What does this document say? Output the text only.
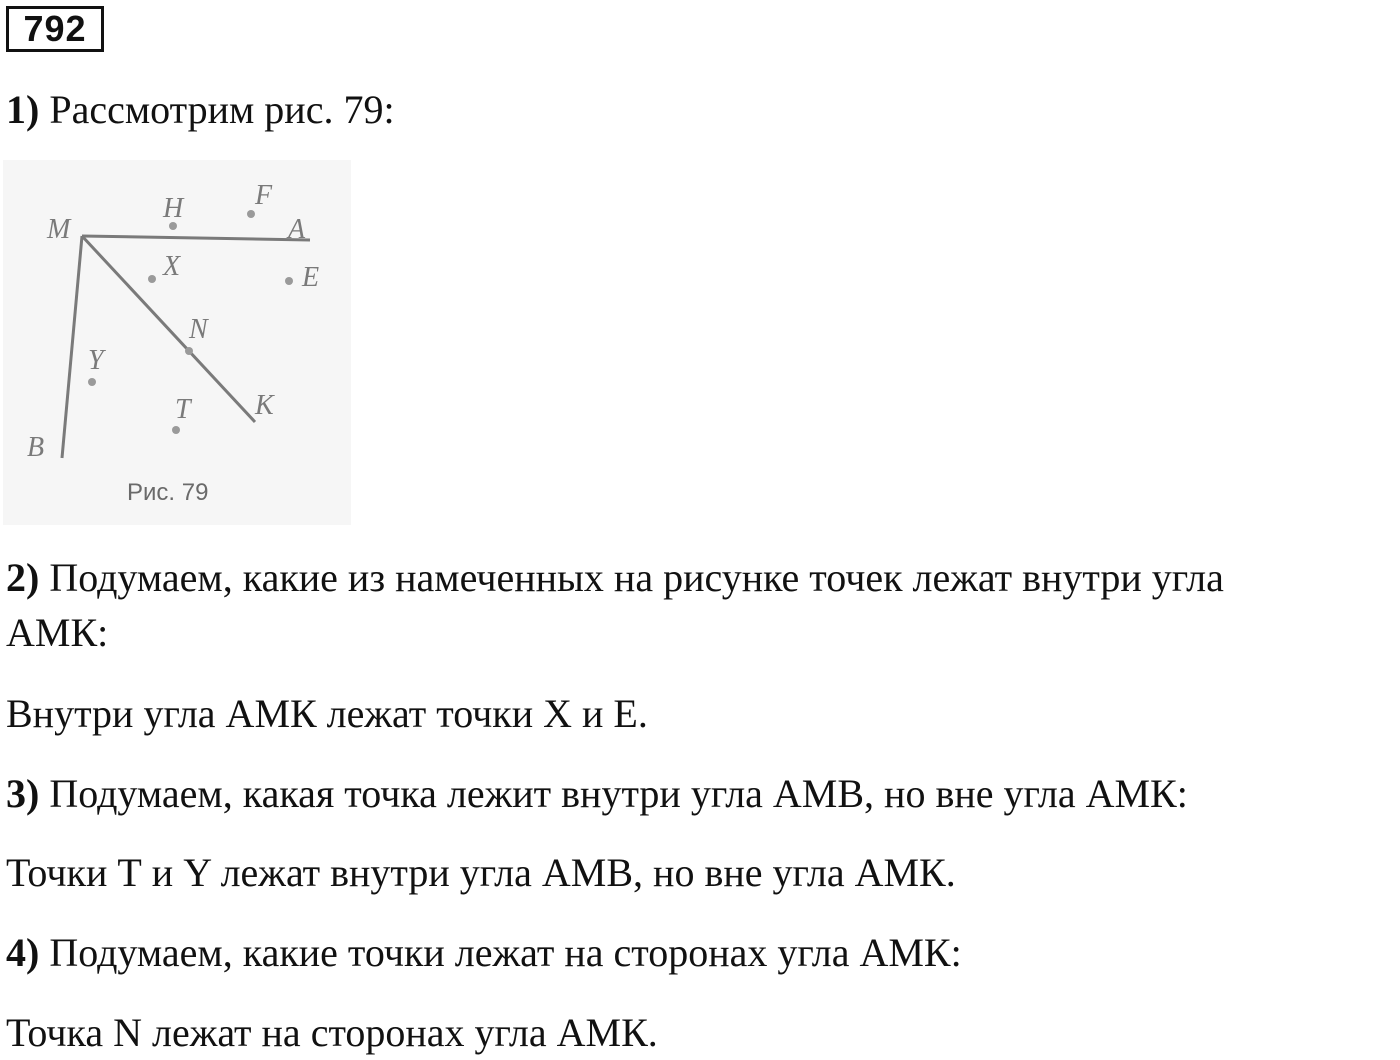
792
1) Рассмотрим рис. 79:
M
H	F
A
X	E
N
Y
T K
B
Рис. 79
2) Подумаем, какие из намеченных на рисунке точек лежат внутри угла
АМК:
Внутри угла АМК лежат точки X и Е.
3) Подумаем, какая точка лежит внутри угла АМВ, но вне угла АМК:
Точки Т и Y лежат внутри угла АМВ, но вне угла АМК.
4) Подумаем, какие точки лежат на сторонах угла АМК:
Точка N лежат на сторонах угла АМК.
